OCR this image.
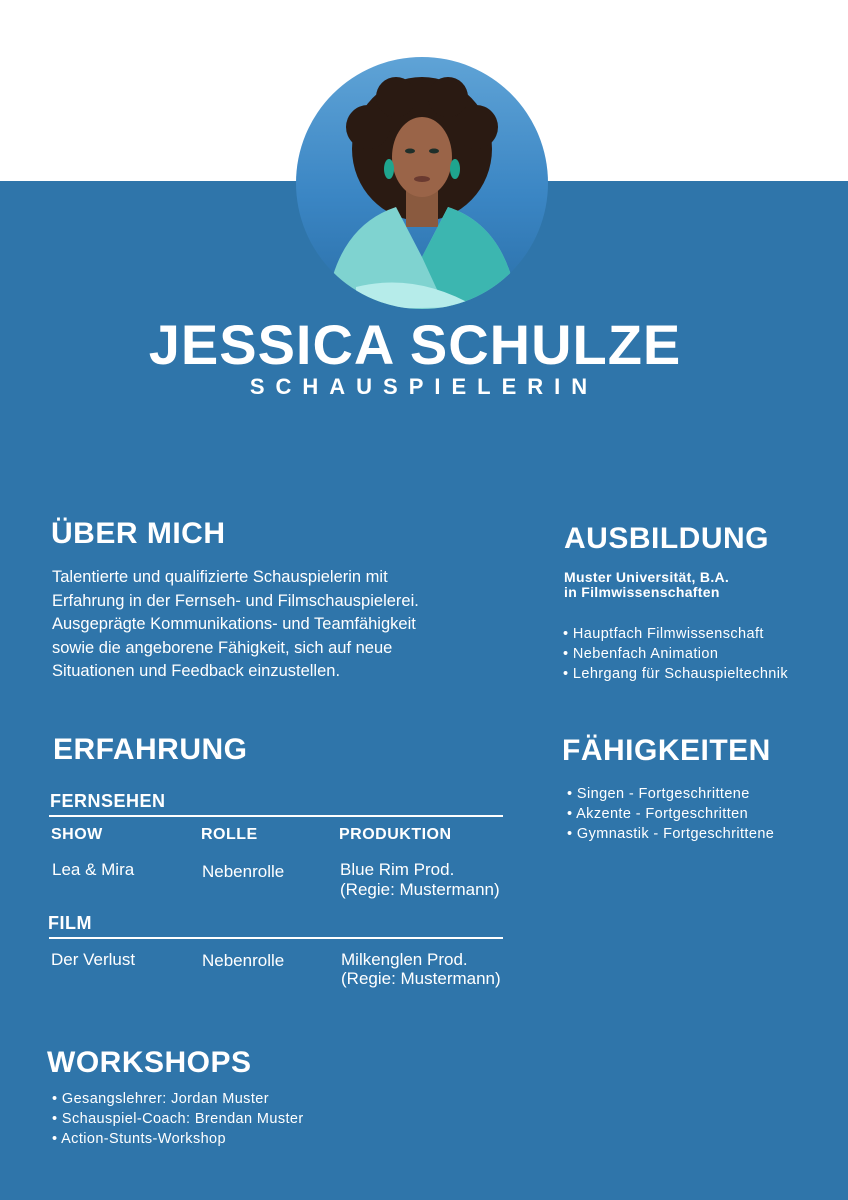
JESSICA SCHULZE
SCHAUSPIELERIN
ÜBER MICH
Talentierte und qualifizierte Schauspielerin mit
Erfahrung in der Fernseh- und Filmschauspielerei.
Ausgeprägte Kommunikations- und Teamfähigkeit
sowie die angeborene Fähigkeit, sich auf neue
Situationen und Feedback einzustellen.
AUSBILDUNG
Muster Universität, B.A.
in Filmwissenschaften
• Hauptfach Filmwissenschaft
• Nebenfach Animation
• Lehrgang für Schauspieltechnik
ERFAHRUNG
FERNSEHEN
SHOW	ROLLE	PRODUKTION
Lea & Mira	Nebenrolle	Blue Rim Prod.
(Regie: Mustermann)
FILM
Der Verlust	Nebenrolle	Milkenglen Prod.
(Regie: Mustermann)
FÄHIGKEITEN
• Singen - Fortgeschrittene
• Akzente - Fortgeschritten
• Gymnastik - Fortgeschrittene
WORKSHOPS
• Gesangslehrer: Jordan Muster
• Schauspiel-Coach: Brendan Muster
• Action-Stunts-Workshop
